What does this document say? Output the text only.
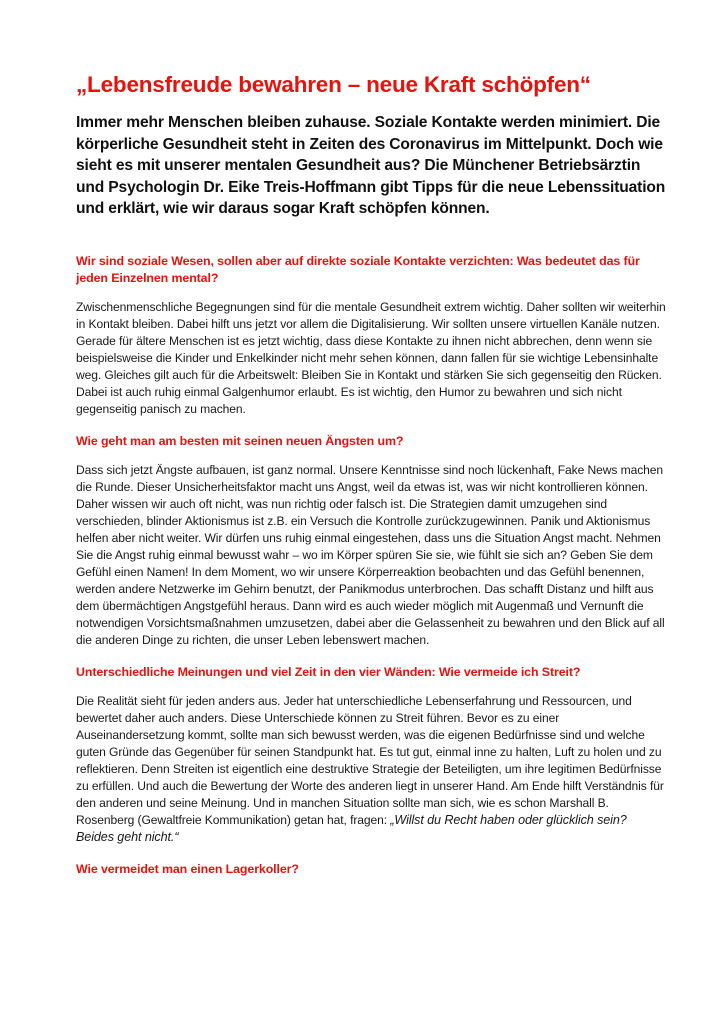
„Lebensfreude bewahren – neue Kraft schöpfen“

Immer mehr Menschen bleiben zuhause. Soziale Kontakte werden minimiert. Die körperliche Gesundheit steht in Zeiten des Coronavirus im Mittelpunkt. Doch wie sieht es mit unserer mentalen Gesundheit aus? Die Münchener Betriebsärztin und Psychologin Dr. Eike Treis-Hoffmann gibt Tipps für die neue Lebenssituation und erklärt, wie wir daraus sogar Kraft schöpfen können.

Wir sind soziale Wesen, sollen aber auf direkte soziale Kontakte verzichten: Was bedeutet das für jeden Einzelnen mental?

Zwischenmenschliche Begegnungen sind für die mentale Gesundheit extrem wichtig. Daher sollten wir weiterhin in Kontakt bleiben. Dabei hilft uns jetzt vor allem die Digitalisierung. Wir sollten unsere virtuellen Kanäle nutzen. Gerade für ältere Menschen ist es jetzt wichtig, dass diese Kontakte zu ihnen nicht abbrechen, denn wenn sie beispielsweise die Kinder und Enkelkinder nicht mehr sehen können, dann fallen für sie wichtige Lebensinhalte weg. Gleiches gilt auch für die Arbeitswelt: Bleiben Sie in Kontakt und stärken Sie sich gegenseitig den Rücken. Dabei ist auch ruhig einmal Galgenhumor erlaubt. Es ist wichtig, den Humor zu bewahren und sich nicht gegenseitig panisch zu machen.

Wie geht man am besten mit seinen neuen Ängsten um?

Dass sich jetzt Ängste aufbauen, ist ganz normal. Unsere Kenntnisse sind noch lückenhaft, Fake News machen die Runde. Dieser Unsicherheitsfaktor macht uns Angst, weil da etwas ist, was wir nicht kontrollieren können. Daher wissen wir auch oft nicht, was nun richtig oder falsch ist. Die Strategien damit umzugehen sind verschieden, blinder Aktionismus ist z.B. ein Versuch die Kontrolle zurückzugewinnen. Panik und Aktionismus helfen aber nicht weiter. Wir dürfen uns ruhig einmal eingestehen, dass uns die Situation Angst macht. Nehmen Sie die Angst ruhig einmal bewusst wahr – wo im Körper spüren Sie sie, wie fühlt sie sich an? Geben Sie dem Gefühl einen Namen! In dem Moment, wo wir unsere Körperreaktion beobachten und das Gefühl benennen, werden andere Netzwerke im Gehirn benutzt, der Panikmodus unterbrochen. Das schafft Distanz und hilft aus dem übermächtigen Angstgefühl heraus. Dann wird es auch wieder möglich mit Augenmaß und Vernunft die notwendigen Vorsichtsmaßnahmen umzusetzen, dabei aber die Gelassenheit zu bewahren und den Blick auf all die anderen Dinge zu richten, die unser Leben lebenswert machen.

Unterschiedliche Meinungen und viel Zeit in den vier Wänden: Wie vermeide ich Streit?

Die Realität sieht für jeden anders aus. Jeder hat unterschiedliche Lebenserfahrung und Ressourcen, und bewertet daher auch anders. Diese Unterschiede können zu Streit führen. Bevor es zu einer Auseinandersetzung kommt, sollte man sich bewusst werden, was die eigenen Bedürfnisse sind und welche guten Gründe das Gegenüber für seinen Standpunkt hat. Es tut gut, einmal inne zu halten, Luft zu holen und zu reflektieren. Denn Streiten ist eigentlich eine destruktive Strategie der Beteiligten, um ihre legitimen Bedürfnisse zu erfüllen. Und auch die Bewertung der Worte des anderen liegt in unserer Hand. Am Ende hilft Verständnis für den anderen und seine Meinung. Und in manchen Situation sollte man sich, wie es schon Marshall B. Rosenberg (Gewaltfreie Kommunikation) getan hat, fragen: „Willst du Recht haben oder glücklich sein? Beides geht nicht.“

Wie vermeidet man einen Lagerkoller?
